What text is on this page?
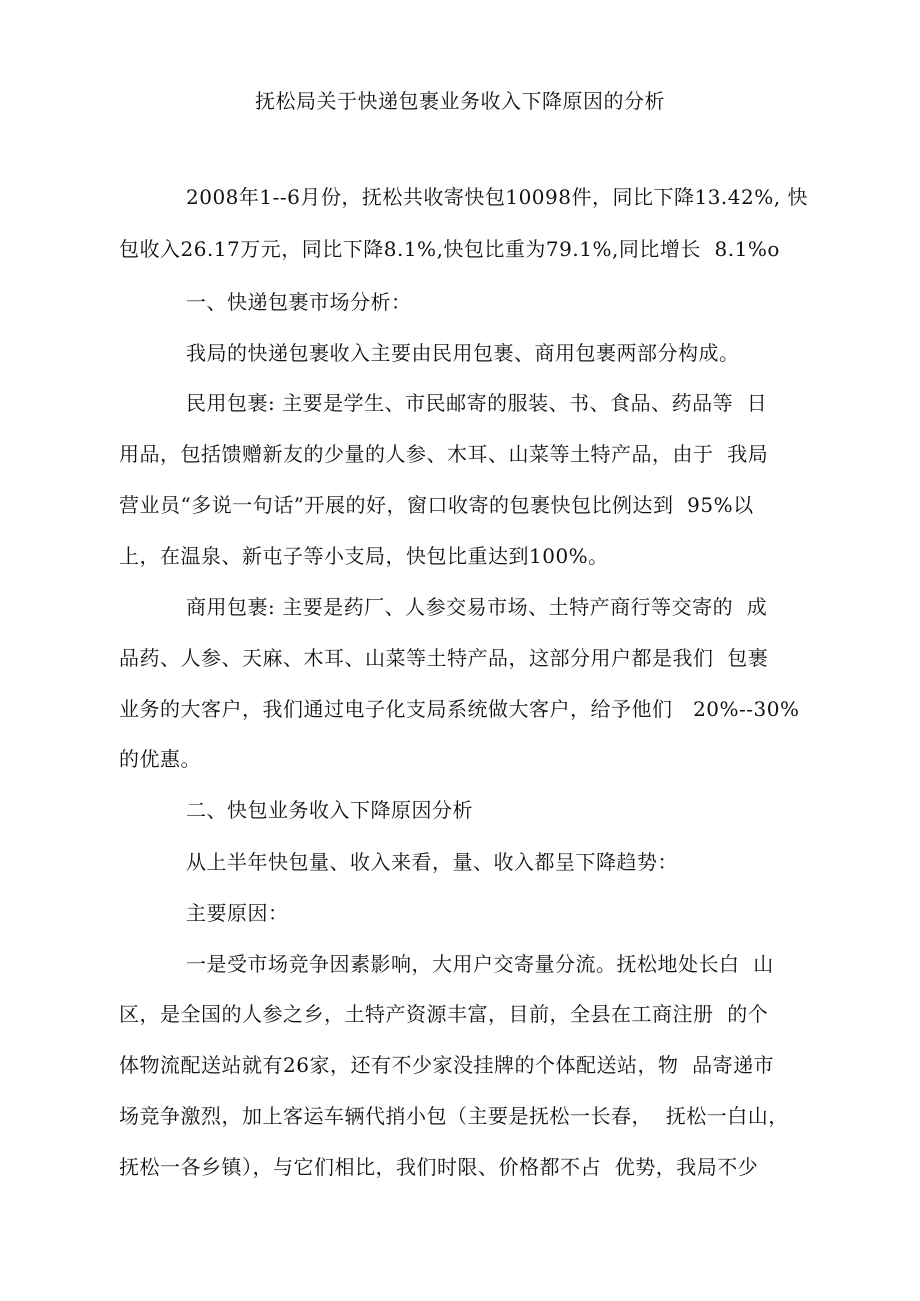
抚松局关于快递包裹业务收入下降原因的分析
2008年1--6月份，抚松共收寄快包10098件，同比下降13.42%, 快
包收入26.17万元，同比下降8.1%,快包比重为79.1%,同比增长  8.1%o
一、快递包裹市场分析：
我局的快递包裹收入主要由民用包裹、商用包裹两部分构成。
民用包裹: 主要是学生、市民邮寄的服装、书、食品、药品等  日
用品，包括馈赠新友的少量的人参、木耳、山菜等土特产品，由于  我局
营业员“多说一句话”开展的好，窗口收寄的包裹快包比例达到  95%以
上，在温泉、新屯子等小支局，快包比重达到100%。
商用包裹: 主要是药厂、人参交易市场、土特产商行等交寄的  成
品药、人参、天麻、木耳、山菜等土特产品，这部分用户都是我们  包裹
业务的大客户，我们通过电子化支局系统做大客户，给予他们   20%--30%
的优惠。
二、快包业务收入下降原因分析
从上半年快包量、收入来看，量、收入都呈下降趋势：
主要原因：
一是受市场竞争因素影响，大用户交寄量分流。抚松地处长白  山
区，是全国的人参之乡，土特产资源丰富，目前，全县在工商注册  的个
体物流配送站就有26家，还有不少家没挂牌的个体配送站，物  品寄递市
场竞争激烈，加上客运车辆代捎小包（主要是抚松一长春，  抚松一白山，
抚松一各乡镇），与它们相比，我们时限、价格都不占  优势，我局不少
